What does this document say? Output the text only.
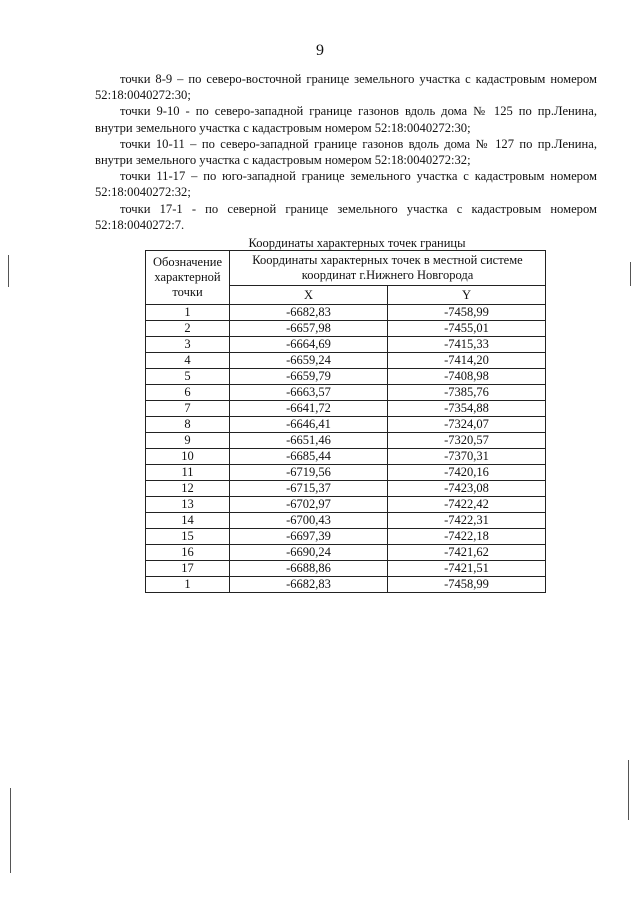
9

точки 8-9 – по северо-восточной границе земельного участка с кадастровым номером 52:18:0040272:30;

точки 9-10 - по северо-западной границе газонов вдоль дома № 125 по пр.Ленина, внутри земельного участка с кадастровым номером 52:18:0040272:30;

точки 10-11 – по северо-западной границе газонов вдоль дома № 127 по пр.Ленина, внутри земельного участка с кадастровым номером 52:18:0040272:32;

точки 11-17 – по юго-западной границе земельного участка с кадастровым номером 52:18:0040272:32;

точки 17-1 - по северной границе земельного участка с кадастровым номером 52:18:0040272:7.

Координаты характерных точек границы
Обозначение характерной точки	Координаты характерных точек в местной системе координат г.Нижнего Новгорода	
	X	Y
1	-6682,83	-7458,99
2	-6657,98	-7455,01
3	-6664,69	-7415,33
4	-6659,24	-7414,20
5	-6659,79	-7408,98
6	-6663,57	-7385,76
7	-6641,72	-7354,88
8	-6646,41	-7324,07
9	-6651,46	-7320,57
10	-6685,44	-7370,31
11	-6719,56	-7420,16
12	-6715,37	-7423,08
13	-6702,97	-7422,42
14	-6700,43	-7422,31
15	-6697,39	-7422,18
16	-6690,24	-7421,62
17	-6688,86	-7421,51
1	-6682,83	-7458,99
